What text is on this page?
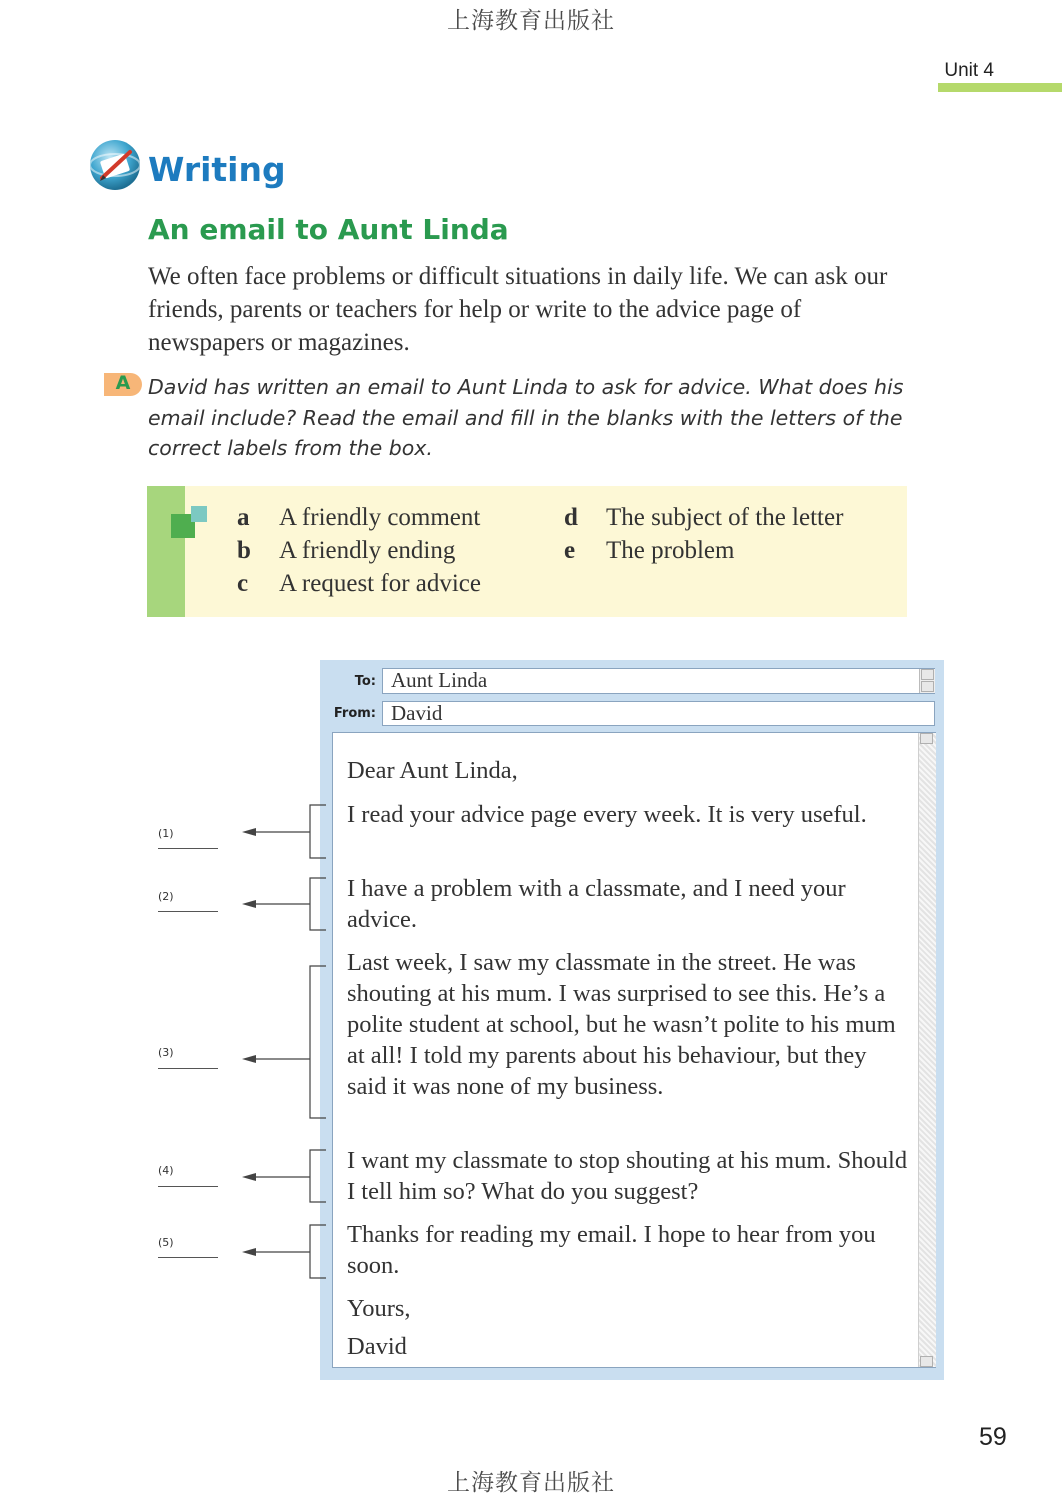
上海教育出版社
Unit 4
Writing
An email to Aunt Linda
We often face problems or difficult situations in daily life. We can ask our friends, parents or teachers for help or write to the advice page of newspapers or magazines.
A David has written an email to Aunt Linda to ask for advice. What does his email include? Read the email and fill in the blanks with the letters of the correct labels from the box.
a A friendly comment
b A friendly ending
c A request for advice
d The subject of the letter
e The problem
To: Aunt Linda
From: David
Dear Aunt Linda,
I read your advice page every week. It is very useful.
I have a problem with a classmate, and I need your advice.
Last week, I saw my classmate in the street. He was shouting at his mum. I was surprised to see this. He’s a polite student at school, but he wasn’t polite to his mum at all! I told my parents about his behaviour, but they said it was none of my business.
I want my classmate to stop shouting at his mum. Should I tell him so? What do you suggest?
Thanks for reading my email. I hope to hear from you soon.
Yours,
David
(1)
(2)
(3)
(4)
(5)
59
上海教育出版社
